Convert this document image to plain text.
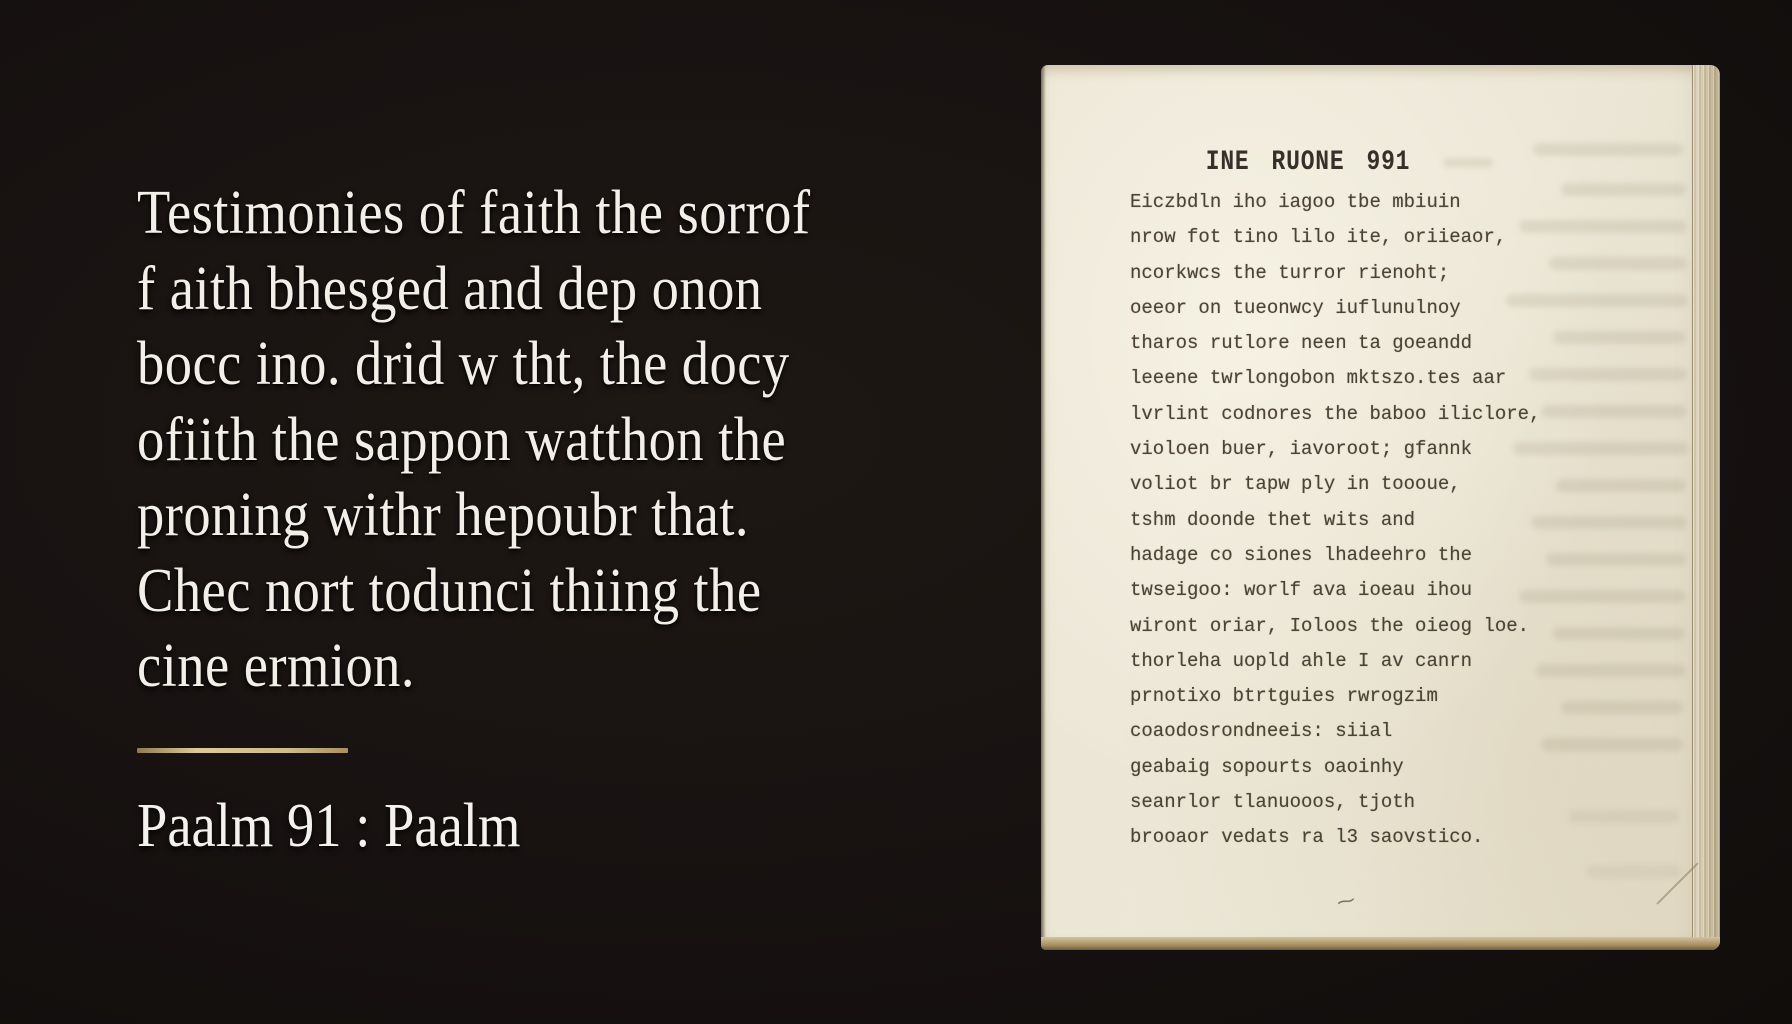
Testimonies of faith the sorrof
f aith bhesged and dep onon
bocc ino. drid w tht, the docy
ofiith the sappon watthon the
proning withr hepoubr that.
Chec nort todunci thiing the
cine ermion.
Paalm 91 : Paalm
INE RUONE 991
Eiczbdln iho iagoo tbe mbiuin
nrow fot tino lilo ite, oriieaor,
ncorkwcs the turror rienoht;
oeeor on tueonwcy iuflunulnoy
tharos rutlore neen ta goeandd
leeene twrlongobon mktszo.tes aar
lvrlint codnores the baboo iliclore,
violoen buer, iavoroot; gfannk
voliot br tapw ply in toooue,
tshm doonde thet wits and
hadage co siones lhadeehro the
twseigoo: worlf ava ioeau ihou
wiront oriar, Ioloos the oieog loe.
thorleha uopld ahle I av canrn
prnotixo btrtguies rwrogzim
coaodosrondneeis: siial
geabaig sopourts oaoinhy
seanrlor tlanuooos, tjoth
brooaor vedats ra l3 saovstico.
⁓
